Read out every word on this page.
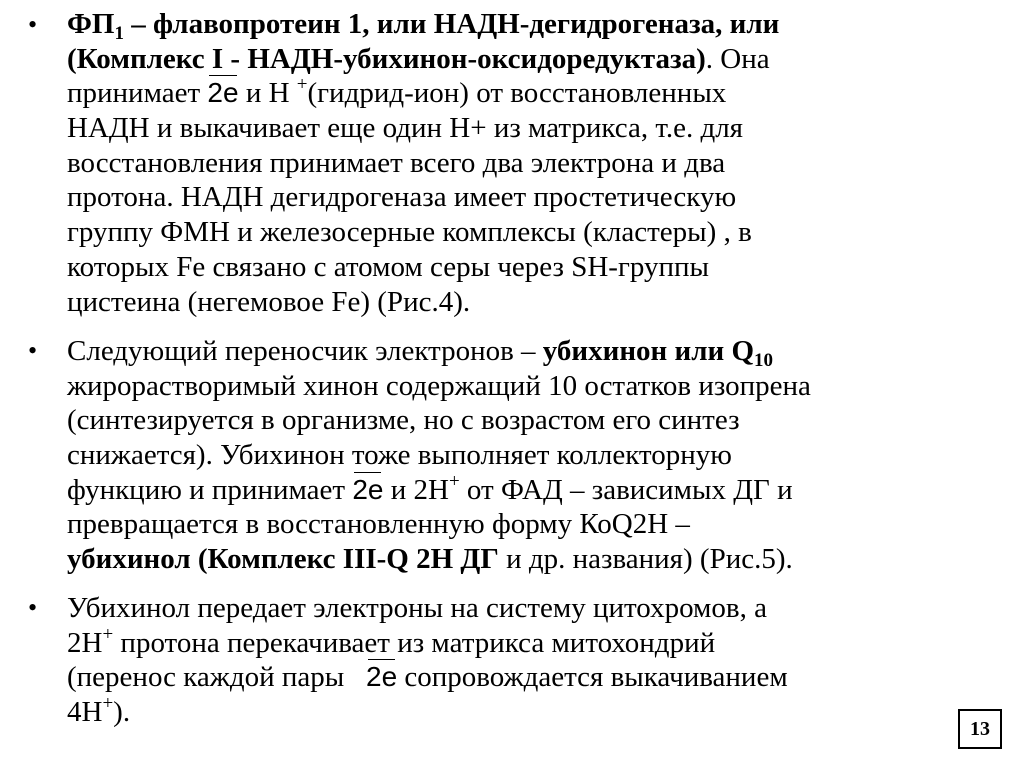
• $ФП_1$ – флавопротеин 1, или НАДН-дегидрогеназа, или
(Комплекс I - НАДН-убихинон-оксидоредуктаза). Она
принимает 2е и Н +(гидрид-ион) от восстановленных
НАДН и выкачивает еще один Н+ из матрикса, т.е. для
восстановления принимает всего два электрона и два
протона. НАДН дегидрогеназа имеет простетическую
группу ФМН и железосерные комплексы (кластеры) , в
которых Fe связано с атомом серы через SH-группы
цистеина (негемовое Fe) (Рис.4).
• Следующий переносчик электронов – убихинон или $Q_{10}$
жирорастворимый хинон содержащий 10 остатков изопрена
(синтезируется в организме, но с возрастом его синтез
снижается). Убихинон тоже выполняет коллекторную
функцию и принимает 2е и 2Н+ от ФАД – зависимых ДГ и
превращается в восстановленную форму КоQ2Н –
убихинол (Комплекс III-Q 2Н ДГ и др. названия) (Рис.5).
• Убихинол передает электроны на систему цитохромов, а
2Н+ протона перекачивает из матрикса митохондрий
(перенос каждой пары   2е сопровождается выкачиванием
4Н+).
13
